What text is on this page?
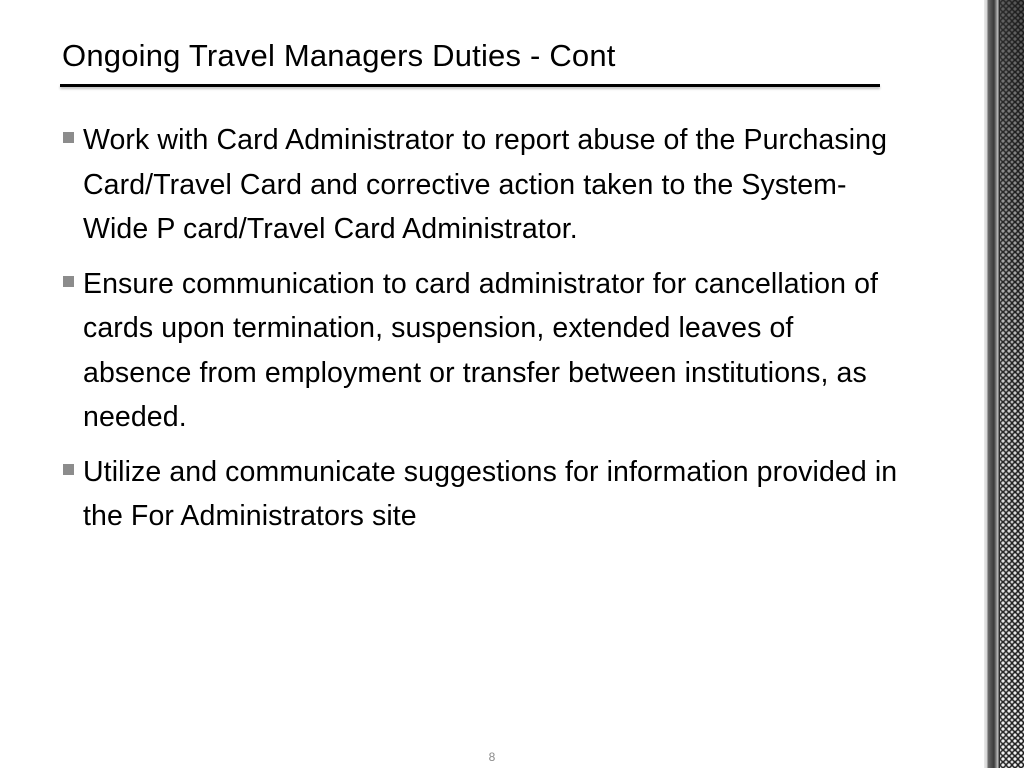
Ongoing Travel Managers Duties - Cont
Work with Card Administrator to report abuse of the Purchasing Card/Travel Card and corrective action taken to the System-Wide P card/Travel Card Administrator.
Ensure communication to card administrator for cancellation of cards upon termination, suspension, extended leaves of absence from employment or transfer between institutions, as needed.
Utilize and communicate suggestions for information provided in the For Administrators site
8
